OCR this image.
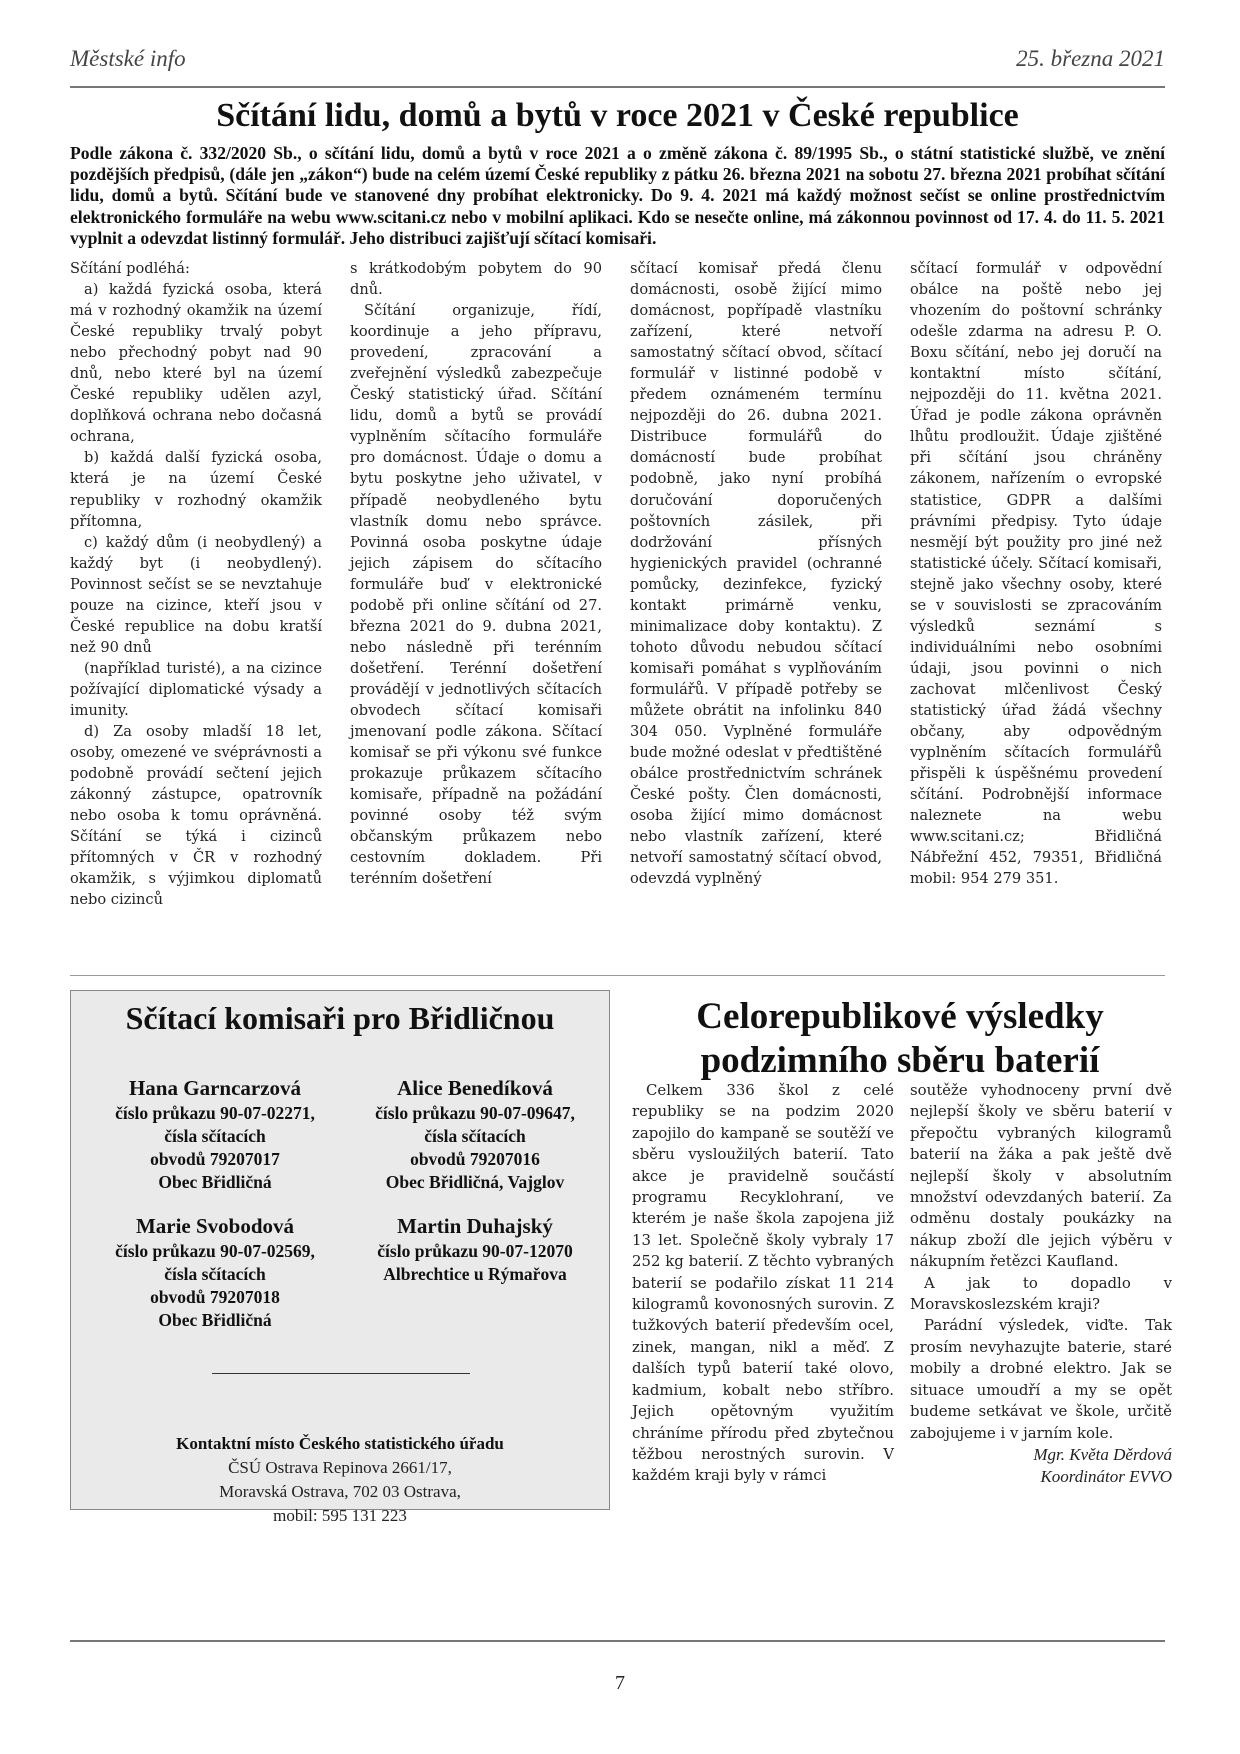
Městské info	25. března 2021
Sčítání lidu, domů a bytů v roce 2021 v České republice
Podle zákona č. 332/2020 Sb., o sčítání lidu, domů a bytů v roce 2021 a o změně zákona č. 89/1995 Sb., o státní statistické službě, ve znění pozdějších předpisů, (dále jen „zákon“) bude na celém území České republiky z pátku 26. března 2021 na sobotu 27. března 2021 probíhat sčítání lidu, domů a bytů. Sčítání bude ve stanovené dny probíhat elektronicky. Do 9. 4. 2021 má každý možnost sečíst se online prostřednictvím elektronického formuláře na webu www.scitani.cz nebo v mobilní aplikaci. Kdo se nesečte online, má zákonnou povinnost od 17. 4. do 11. 5. 2021 vyplnit a odevzdat listinný formulář. Jeho distribuci zajišťují sčítací komisaři.

Sčítání podléhá:

a) každá fyzická osoba, která má v rozhodný okamžik na území České republiky trvalý pobyt nebo přechodný pobyt nad 90 dnů, nebo které byl na území České republiky udělen azyl, doplňková ochrana nebo dočasná ochrana,

b) každá další fyzická osoba, která je na území České republiky v rozhodný okamžik přítomna,

c) každý dům (i neobydlený) a každý byt (i neobydlený). Povinnost sečíst se se nevztahuje pouze na cizince, kteří jsou v České republice na dobu kratší než 90 dnů

(například turisté), a na cizince požívající diplomatické výsady a imunity.

d) Za osoby mladší 18 let, osoby, omezené ve svéprávnosti a podobně provádí sečtení jejich zákonný zástupce, opatrovník nebo osoba k tomu oprávněná. Sčítání se týká i cizinců přítomných v ČR v rozhodný okamžik, s výjimkou diplomatů nebo cizinců

s krátkodobým pobytem do 90 dnů.

Sčítání organizuje, řídí, koordinuje a jeho přípravu, provedení, zpracování a zveřejnění výsledků zabezpečuje Český statistický úřad. Sčítání lidu, domů a bytů se provádí vyplněním sčítacího formuláře pro domácnost. Údaje o domu a bytu poskytne jeho uživatel, v případě neobydleného bytu vlastník domu nebo správce. Povinná osoba poskytne údaje jejich zápisem do sčítacího formuláře buď v elektronické podobě při online sčítání od 27. března 2021 do 9. dubna 2021, nebo následně při terénním došetření. Terénní došetření provádějí v jednotlivých sčítacích obvodech sčítací komisaři jmenovaní podle zákona. Sčítací komisař se při výkonu své funkce prokazuje průkazem sčítacího komisaře, případně na požádání povinné osoby též svým občanským průkazem nebo cestovním dokladem. Při terénním došetření

sčítací komisař předá členu domácnosti, osobě žijící mimo domácnost, popřípadě vlastníku zařízení, které netvoří samostatný sčítací obvod, sčítací formulář v listinné podobě v předem oznámeném termínu nejpozději do 26. dubna 2021. Distribuce formulářů do domácností bude probíhat podobně, jako nyní probíhá doručování doporučených poštovních zásilek, při dodržování přísných hygienických pravidel (ochranné pomůcky, dezinfekce, fyzický kontakt primárně venku, minimalizace doby kontaktu). Z tohoto důvodu nebudou sčítací komisaři pomáhat s vyplňováním formulářů. V případě potřeby se můžete obrátit na infolinku 840 304 050. Vyplněné formuláře bude možné odeslat v předtištěné obálce prostřednictvím schránek České pošty. Člen domácnosti, osoba žijící mimo domácnost nebo vlastník zařízení, které netvoří samostatný sčítací obvod, odevzdá vyplněný

sčítací formulář v odpovědní obálce na poště nebo jej vhozením do poštovní schránky odešle zdarma na adresu P. O. Boxu sčítání, nebo jej doručí na kontaktní místo sčítání, nejpozději do 11. května 2021. Úřad je podle zákona oprávněn lhůtu prodloužit. Údaje zjištěné při sčítání jsou chráněny zákonem, nařízením o evropské statistice, GDPR a dalšími právními předpisy. Tyto údaje nesmějí být použity pro jiné než statistické účely. Sčítací komisaři, stejně jako všechny osoby, které se v souvislosti se zpracováním výsledků seznámí s individuálními nebo osobními údaji, jsou povinni o nich zachovat mlčenlivost Český statistický úřad žádá všechny občany, aby odpovědným vyplněním sčítacích formulářů přispěli k úspěšnému provedení sčítání. Podrobnější informace naleznete na webu www.scitani.cz; Břidličná Nábřežní 452, 79351, Břidličná mobil: 954 279 351.

Sčítací komisaři pro Břidličnou
Hana Garncarzová
číslo průkazu 90-07-02271,
čísla sčítacích
obvodů 79207017
Obec Břidličná
Alice Benedíková
číslo průkazu 90-07-09647,
čísla sčítacích
obvodů 79207016
Obec Břidličná, Vajglov
Marie Svobodová
číslo průkazu 90-07-02569,
čísla sčítacích
obvodů 79207018
Obec Břidličná
Martin Duhajský
číslo průkazu 90-07-12070
Albrechtice u Rýmařova
Kontaktní místo Českého statistického úřadu
ČSÚ Ostrava Repinova 2661/17,
Moravská Ostrava, 702 03 Ostrava,
mobil: 595 131 223
Celorepublikové výsledky
podzimního sběru baterií

Celkem 336 škol z celé republiky se na podzim 2020 zapojilo do kampaně se soutěží ve sběru vysloužilých baterií. Tato akce je pravidelně součástí programu Recyklohraní, ve kterém je naše škola zapojena již 13 let. Společně školy vybraly 17 252 kg baterií. Z těchto vybraných baterií se podařilo získat 11 214 kilogramů kovonosných surovin. Z tužkových baterií především ocel, zinek, mangan, nikl a měď. Z dalších typů baterií také olovo, kadmium, kobalt nebo stříbro. Jejich opětovným využitím chráníme přírodu před zbytečnou těžbou nerostných surovin. V každém kraji byly v rámci

soutěže vyhodnoceny první dvě nejlepší školy ve sběru baterií v přepočtu vybraných kilogramů baterií na žáka a pak ještě dvě nejlepší školy v absolutním množství odevzdaných baterií. Za odměnu dostaly poukázky na nákup zboží dle jejich výběru v nákupním řetězci Kaufland.

A jak to dopadlo v Moravskoslezském kraji?

Parádní výsledek, viďte. Tak prosím nevyhazujte baterie, staré mobily a drobné elektro. Jak se situace umoudří a my se opět budeme setkávat ve škole, určitě zabojujeme i v jarním kole.

Mgr. Květa Děrdová
Koordinátor EVVO
7
